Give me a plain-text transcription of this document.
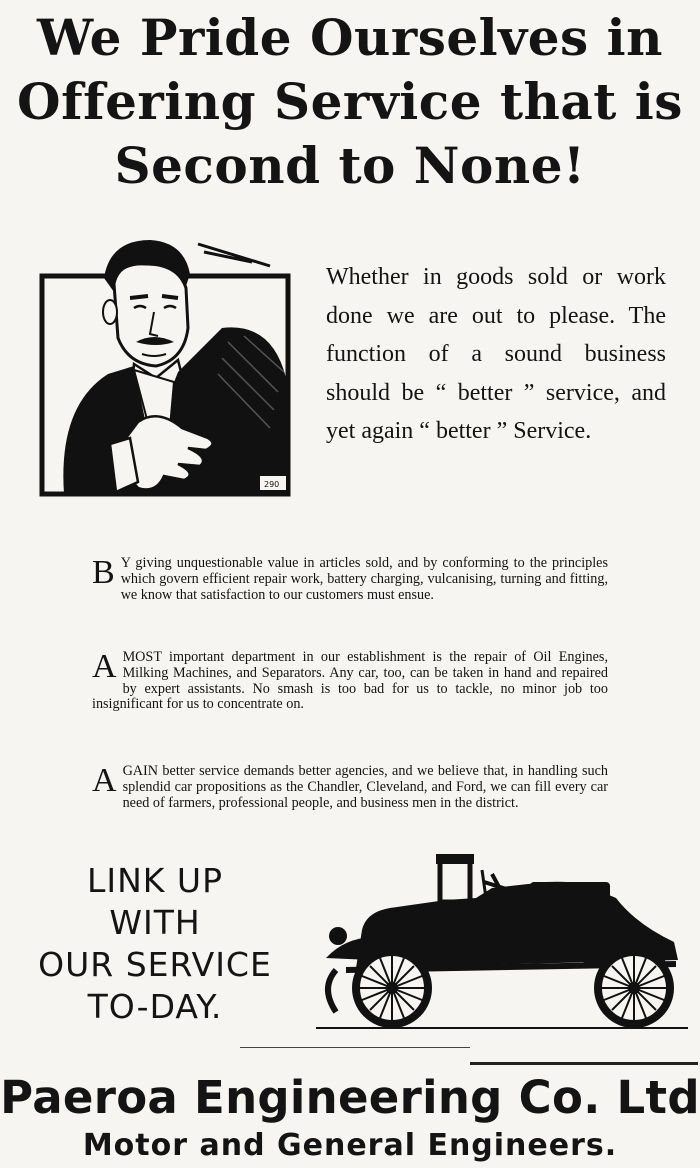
We Pride Ourselves in
Offering Service that is
Second to None!
290
Whether in goods sold or work done we are out to please. The function of a sound business should be “ better ” service, and yet again “ better ” Service.
B Y giving unquestionable value in articles sold, and by conforming to the principles which govern efficient repair work, battery charging, vulcanising, turning and fitting, we know that satisfaction to our customers must ensue.
AMOST important department in our establishment is the repair of Oil Engines, Milking Machines, and Separators. Any car, too, can be taken in hand and repaired by expert assistants. No smash is too bad for us to tackle, no minor job too insignificant for us to concentrate on.
AGAIN better service demands better agencies, and we believe that, in handling such splendid car propositions as the Chandler, Cleveland, and Ford, we can fill every car need of farmers, professional people, and business men in the district.
LINK UP
WITH
OUR SERVICE
TO-DAY.
Paeroa Engineering Co. Ltd
Motor and General Engineers.
